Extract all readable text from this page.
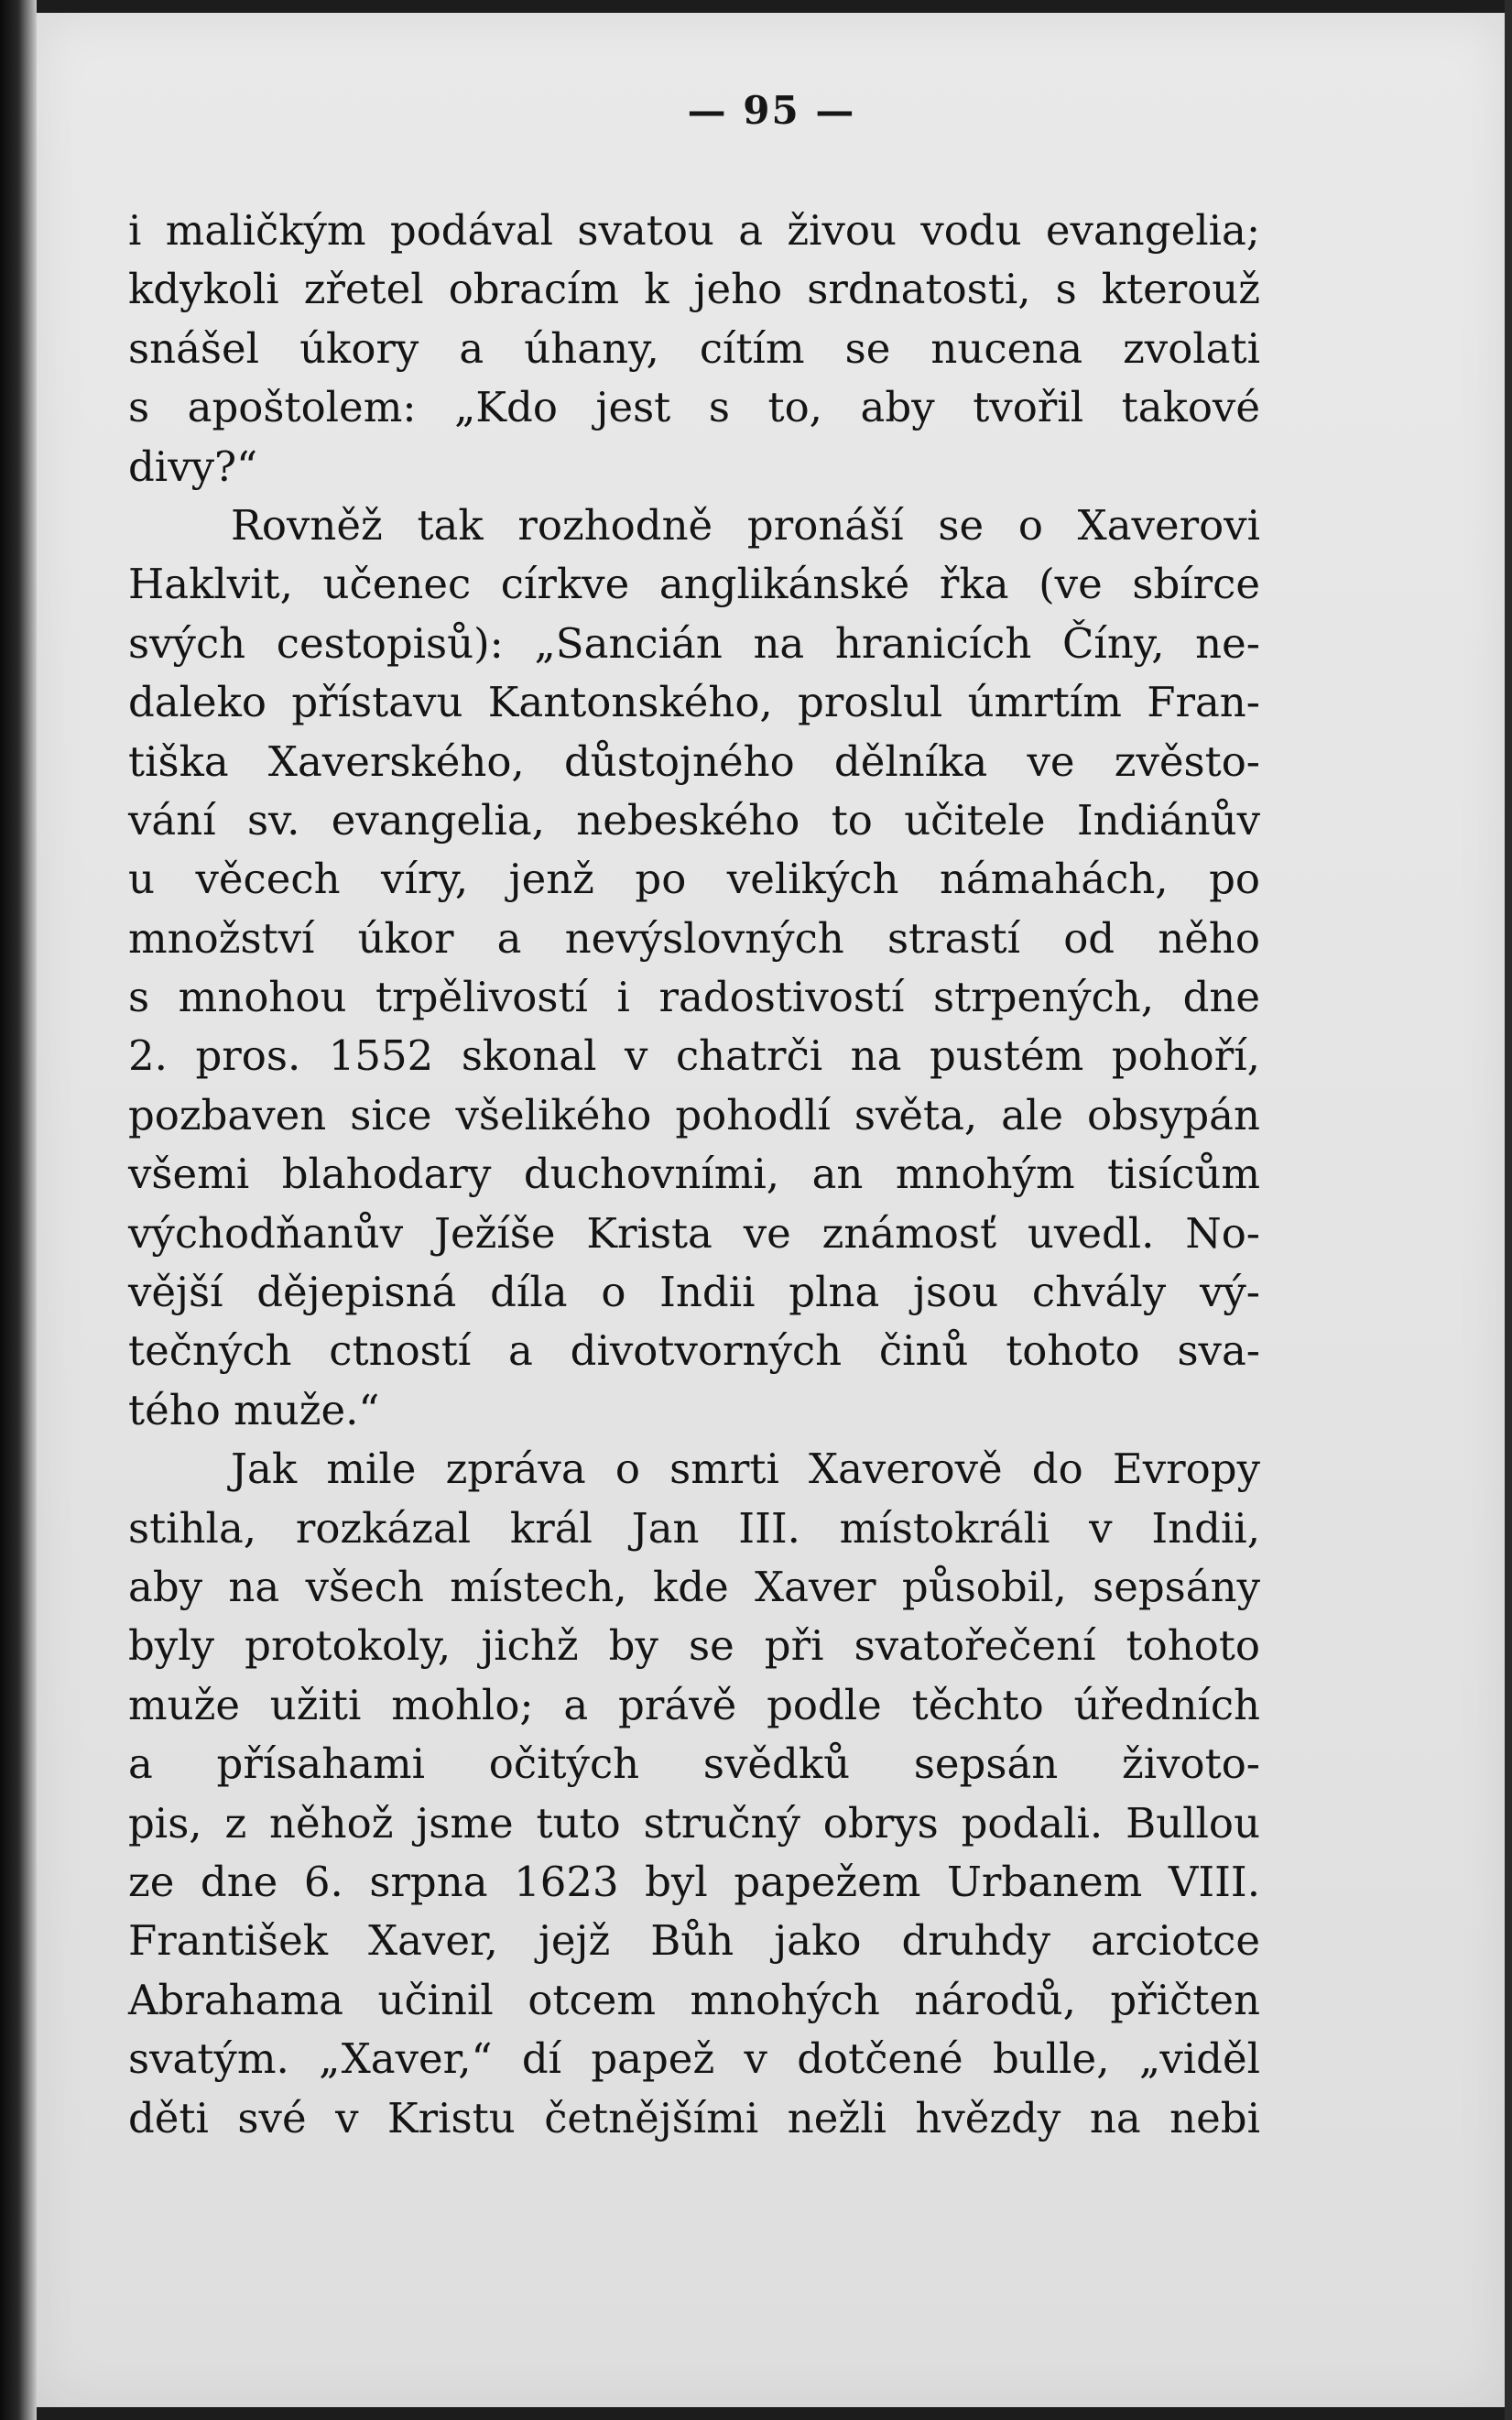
— 95 —
i maličkým podával svatou a živou vodu evangelia;
kdykoli zřetel obracím k jeho srdnatosti, s kterouž
snášel úkory a úhany, cítím se nucena zvolati
s apoštolem: „Kdo jest s to, aby tvořil takové
divy?“
Rovněž tak rozhodně pronáší se o Xaverovi
Haklvit, učenec církve anglikánské řka (ve sbírce
svých cestopisů): „Sancián na hranicích Číny, ne-
daleko přístavu Kantonského, proslul úmrtím Fran-
tiška Xaverského, důstojného dělníka ve zvěsto-
vání sv. evangelia, nebeského to učitele Indiánův
u věcech víry, jenž po velikých námahách, po
množství úkor a nevýslovných strastí od něho
s mnohou trpělivostí i radostivostí strpených, dne
2. pros. 1552 skonal v chatrči na pustém pohoří,
pozbaven sice všelikého pohodlí světa, ale obsypán
všemi blahodary duchovními, an mnohým tisícům
východňanův Ježíše Krista ve známosť uvedl. No-
vější dějepisná díla o Indii plna jsou chvály vý-
tečných ctností a divotvorných činů tohoto sva-
tého muže.“
Jak mile zpráva o smrti Xaverově do Evropy
stihla, rozkázal král Jan III. místokráli v Indii,
aby na všech místech, kde Xaver působil, sepsány
byly protokoly, jichž by se při svatořečení tohoto
muže užiti mohlo; a právě podle těchto úředních
a přísahami očitých svědků sepsán životo-
pis, z něhož jsme tuto stručný obrys podali. Bullou
ze dne 6. srpna 1623 byl papežem Urbanem VIII.
František Xaver, jejž Bůh jako druhdy arciotce
Abrahama učinil otcem mnohých národů, přičten
svatým. „Xaver,“ dí papež v dotčené bulle, „viděl
děti své v Kristu četnějšími nežli hvězdy na nebi
